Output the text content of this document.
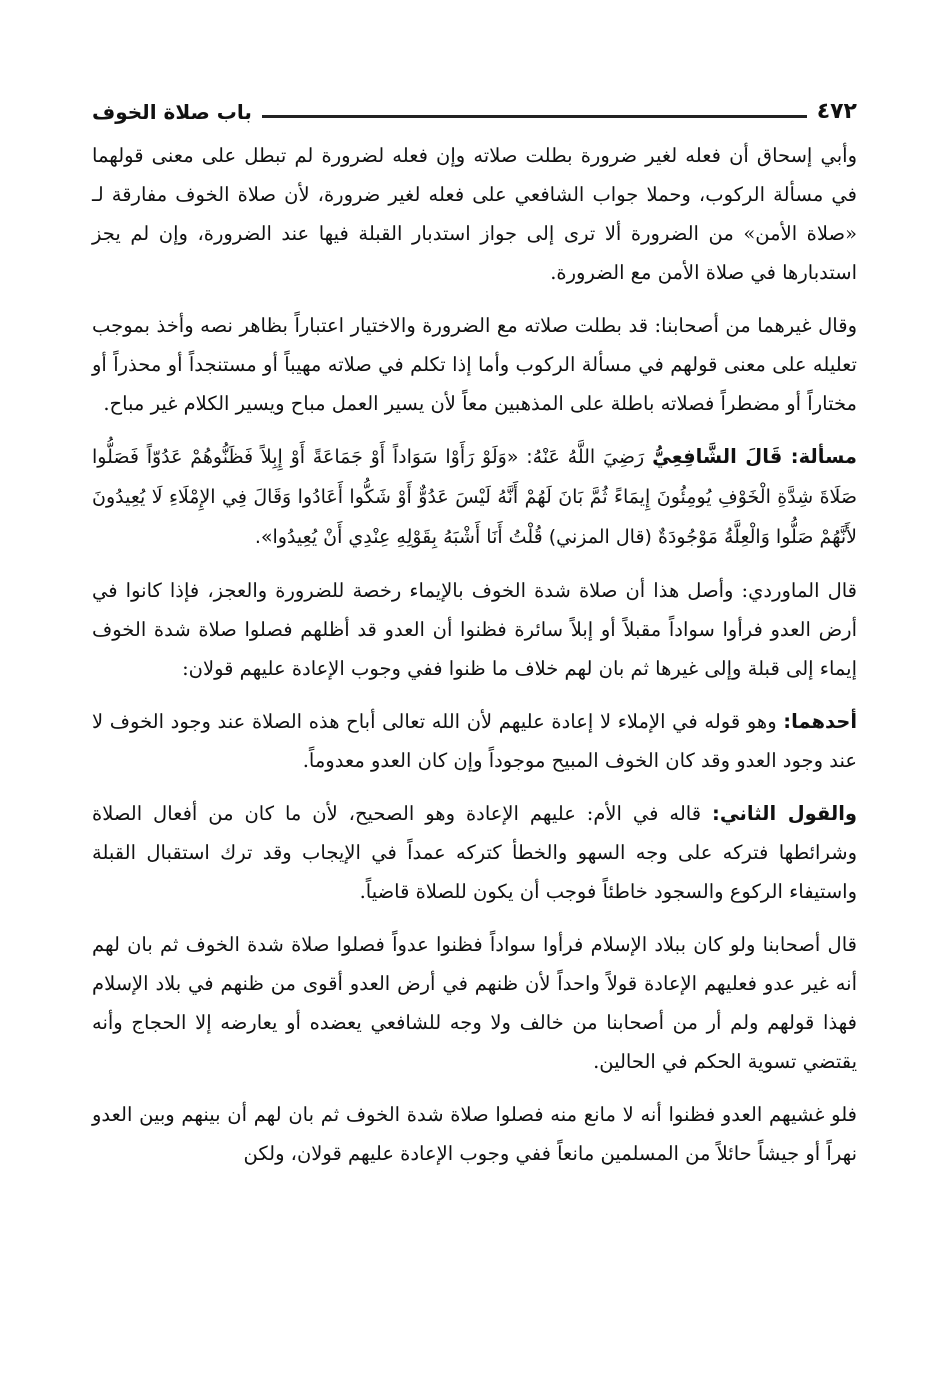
٤٧٢
باب صلاة الخوف

وأبي إسحاق أن فعله لغير ضرورة بطلت صلاته وإن فعله لضرورة لم تبطل على معنى قولهما في مسألة الركوب، وحملا جواب الشافعي على فعله لغير ضرورة، لأن صلاة الخوف مفارقة لـ «صلاة الأمن» من الضرورة ألا ترى إلى جواز استدبار القبلة فيها عند الضرورة، وإن لم يجز استدبارها في صلاة الأمن مع الضرورة.

وقال غيرهما من أصحابنا: قد بطلت صلاته مع الضرورة والاختيار اعتباراً بظاهر نصه وأخذ بموجب تعليله على معنى قولهم في مسألة الركوب وأما إذا تكلم في صلاته مهيباً أو مستنجداً أو محذراً أو مختاراً أو مضطراً فصلاته باطلة على المذهبين معاً لأن يسير العمل مباح ويسير الكلام غير مباح.

مسألة: قَالَ الشَّافِعِيُّ رَضِيَ اللَّهُ عَنْهُ: «وَلَوْ رَأَوْا سَوَاداً أَوْ جَمَاعَةً أَوْ إِبِلاً فَظَنُّوهُمْ عَدُوّاً فَصَلُّوا صَلَاةَ شِدَّةِ الْخَوْفِ يُومِئُونَ إِيمَاءً ثُمَّ بَانَ لَهُمْ أَنَّهُ لَيْسَ عَدُوٌّ أَوْ شَكُّوا أَعَادُوا وَقَالَ فِي الإِمْلَاءِ لَا يُعِيدُونَ لأَنَّهُمْ صَلُّوا وَالْعِلَّةُ مَوْجُودَةٌ (قال المزني) قُلْتُ أَنَا أَشْبَهُ بِقَوْلِهِ عِنْدِي أَنْ يُعِيدُوا».

قال الماوردي: وأصل هذا أن صلاة شدة الخوف بالإيماء رخصة للضرورة والعجز، فإذا كانوا في أرض العدو فرأوا سواداً مقبلاً أو إبلاً سائرة فظنوا أن العدو قد أظلهم فصلوا صلاة شدة الخوف إيماء إلى قبلة وإلى غيرها ثم بان لهم خلاف ما ظنوا ففي وجوب الإعادة عليهم قولان:

أحدهما: وهو قوله في الإملاء لا إعادة عليهم لأن الله تعالى أباح هذه الصلاة عند وجود الخوف لا عند وجود العدو وقد كان الخوف المبيح موجوداً وإن كان العدو معدوماً.

والقول الثاني: قاله في الأم: عليهم الإعادة وهو الصحيح، لأن ما كان من أفعال الصلاة وشرائطها فتركه على وجه السهو والخطأ كتركه عمداً في الإيجاب وقد ترك استقبال القبلة واستيفاء الركوع والسجود خاطئاً فوجب أن يكون للصلاة قاضياً.

قال أصحابنا ولو كان ببلاد الإسلام فرأوا سواداً فظنوا عدواً فصلوا صلاة شدة الخوف ثم بان لهم أنه غير عدو فعليهم الإعادة قولاً واحداً لأن ظنهم في أرض العدو أقوى من ظنهم في بلاد الإسلام فهذا قولهم ولم أر من أصحابنا من خالف ولا وجه للشافعي يعضده أو يعارضه إلا الحجاج وأنه يقتضي تسوية الحكم في الحالين.

فلو غشيهم العدو فظنوا أنه لا مانع منه فصلوا صلاة شدة الخوف ثم بان لهم أن بينهم وبين العدو نهراً أو جيشاً حائلاً من المسلمين مانعاً ففي وجوب الإعادة عليهم قولان، ولكن
